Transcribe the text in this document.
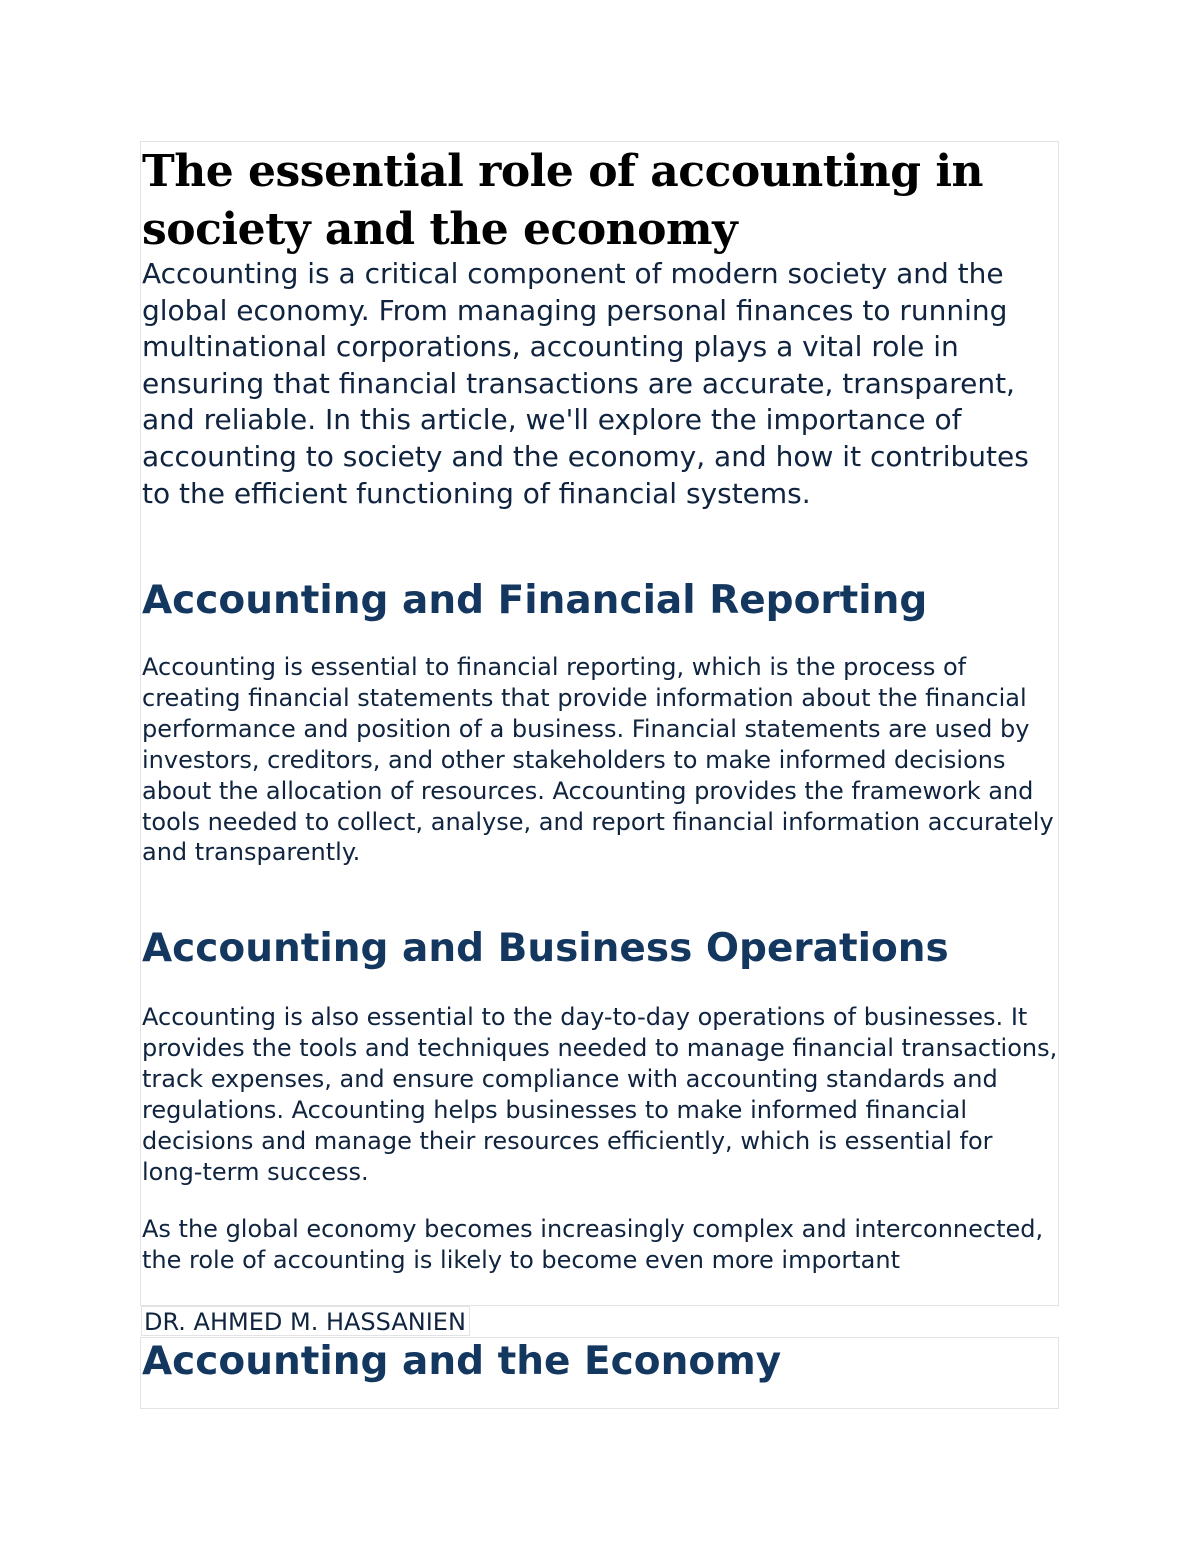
The essential role of accounting in society and the economy

Accounting is a critical component of modern society and the global economy. From managing personal finances to running multinational corporations, accounting plays a vital role in ensuring that financial transactions are accurate, transparent, and reliable. In this article, we'll explore the importance of accounting to society and the economy, and how it contributes to the efficient functioning of financial systems.

Accounting and Financial Reporting

Accounting is essential to financial reporting, which is the process of creating financial statements that provide information about the financial performance and position of a business. Financial statements are used by investors, creditors, and other stakeholders to make informed decisions about the allocation of resources. Accounting provides the framework and tools needed to collect, analyse, and report financial information accurately and transparently.

Accounting and Business Operations

Accounting is also essential to the day-to-day operations of businesses. It provides the tools and techniques needed to manage financial transactions, track expenses, and ensure compliance with accounting standards and regulations. Accounting helps businesses to make informed financial decisions and manage their resources efficiently, which is essential for long-term success.

As the global economy becomes increasingly complex and interconnected, the role of accounting is likely to become even more important

DR. AHMED M. HASSANIEN
Accounting and the Economy
